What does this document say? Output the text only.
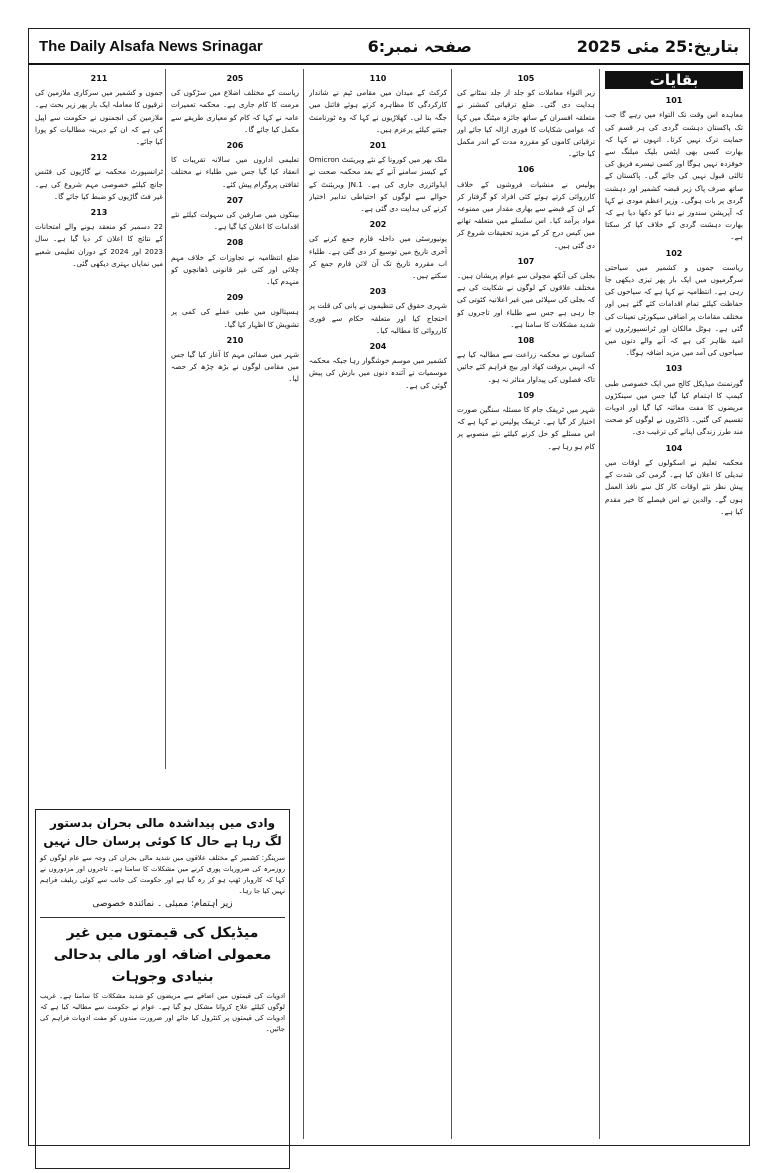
The Daily Alsafa News Srinagar	صفحہ نمبر:6	بتاریخ:25 مئی 2025
بقایات
101

معاہدہ اس وقت تک التواء میں رہے گا جب تک پاکستان دہشت گردی کی ہر قسم کی حمایت ترک نہیں کرتا۔ انہوں نے کہا کہ بھارت کسی بھی ایٹمی بلیک میلنگ سے خوفزدہ نہیں ہوگا اور کسی تیسرے فریق کی ثالثی قبول نہیں کی جائے گی۔ پاکستان کے ساتھ صرف پاک زیر قبضہ کشمیر اور دہشت گردی پر بات ہوگی۔ وزیر اعظم مودی نے کہا کہ آپریشن سندور نے دنیا کو دکھا دیا ہے کہ بھارت دہشت گردی کے خلاف کیا کر سکتا ہے۔

102

ریاست جموں و کشمیر میں سیاحتی سرگرمیوں میں ایک بار پھر تیزی دیکھی جا رہی ہے۔ انتظامیہ نے کہا ہے کہ سیاحوں کی حفاظت کیلئے تمام اقدامات کئے گئے ہیں اور مختلف مقامات پر اضافی سیکورٹی تعینات کی گئی ہے۔ ہوٹل مالکان اور ٹرانسپورٹروں نے امید ظاہر کی ہے کہ آنے والے دنوں میں سیاحوں کی آمد میں مزید اضافہ ہوگا۔

103

گورنمنٹ میڈیکل کالج میں ایک خصوصی طبی کیمپ کا اہتمام کیا گیا جس میں سینکڑوں مریضوں کا مفت معائنہ کیا گیا اور ادویات تقسیم کی گئیں۔ ڈاکٹروں نے لوگوں کو صحت مند طرز زندگی اپنانے کی ترغیب دی۔

104

محکمہ تعلیم نے اسکولوں کے اوقات میں تبدیلی کا اعلان کیا ہے۔ گرمی کی شدت کے پیش نظر نئے اوقات کار کل سے نافذ العمل ہوں گے۔ والدین نے اس فیصلے کا خیر مقدم کیا ہے۔

105

زیر التواء معاملات کو جلد از جلد نمٹانے کی ہدایت دی گئی۔ ضلع ترقیاتی کمشنر نے متعلقہ افسران کے ساتھ جائزہ میٹنگ میں کہا کہ عوامی شکایات کا فوری ازالہ کیا جائے اور ترقیاتی کاموں کو مقررہ مدت کے اندر مکمل کیا جائے۔

106

پولیس نے منشیات فروشوں کے خلاف کارروائی کرتے ہوئے کئی افراد کو گرفتار کر کے ان کے قبضے سے بھاری مقدار میں ممنوعہ مواد برآمد کیا۔ اس سلسلے میں متعلقہ تھانے میں کیس درج کر کے مزید تحقیقات شروع کر دی گئی ہیں۔

107

بجلی کی آنکھ مچولی سے عوام پریشان ہیں۔ مختلف علاقوں کے لوگوں نے شکایت کی ہے کہ بجلی کی سپلائی میں غیر اعلانیہ کٹوتی کی جا رہی ہے جس سے طلباء اور تاجروں کو شدید مشکلات کا سامنا ہے۔

108

کسانوں نے محکمہ زراعت سے مطالبہ کیا ہے کہ انہیں بروقت کھاد اور بیج فراہم کئے جائیں تاکہ فصلوں کی پیداوار متاثر نہ ہو۔

109

شہر میں ٹریفک جام کا مسئلہ سنگین صورت اختیار کر گیا ہے۔ ٹریفک پولیس نے کہا ہے کہ اس مسئلے کو حل کرنے کیلئے نئے منصوبے پر کام ہو رہا ہے۔

110

کرکٹ کے میدان میں مقامی ٹیم نے شاندار کارکردگی کا مظاہرہ کرتے ہوئے فائنل میں جگہ بنا لی۔ کھلاڑیوں نے کہا کہ وہ ٹورنامنٹ جیتنے کیلئے پرعزم ہیں۔

201

ملک بھر میں کورونا کے نئے ویریئنٹ Omicron کے کیسز سامنے آنے کے بعد محکمہ صحت نے ایڈوائزری جاری کی ہے۔ JN.1 ویریئنٹ کے حوالے سے لوگوں کو احتیاطی تدابیر اختیار کرنے کی ہدایت دی گئی ہے۔

202

یونیورسٹی میں داخلہ فارم جمع کرنے کی آخری تاریخ میں توسیع کر دی گئی ہے۔ طلباء اب مقررہ تاریخ تک آن لائن فارم جمع کر سکتے ہیں۔

203

شہری حقوق کی تنظیموں نے پانی کی قلت پر احتجاج کیا اور متعلقہ حکام سے فوری کارروائی کا مطالبہ کیا۔

204

کشمیر میں موسم خوشگوار رہا جبکہ محکمہ موسمیات نے آئندہ دنوں میں بارش کی پیش گوئی کی ہے۔

205

ریاست کے مختلف اضلاع میں سڑکوں کی مرمت کا کام جاری ہے۔ محکمہ تعمیرات عامہ نے کہا کہ کام کو معیاری طریقے سے مکمل کیا جائے گا۔

206

تعلیمی اداروں میں سالانہ تقریبات کا انعقاد کیا گیا جس میں طلباء نے مختلف ثقافتی پروگرام پیش کئے۔

207

بینکوں میں صارفین کی سہولت کیلئے نئے اقدامات کا اعلان کیا گیا ہے۔

208

ضلع انتظامیہ نے تجاوزات کے خلاف مہم چلائی اور کئی غیر قانونی ڈھانچوں کو منہدم کیا۔

209

ہسپتالوں میں طبی عملے کی کمی پر تشویش کا اظہار کیا گیا۔

210

شہر میں صفائی مہم کا آغاز کیا گیا جس میں مقامی لوگوں نے بڑھ چڑھ کر حصہ لیا۔

211

جموں و کشمیر میں سرکاری ملازمین کی ترقیوں کا معاملہ ایک بار پھر زیر بحث ہے۔ ملازمین کی انجمنوں نے حکومت سے اپیل کی ہے کہ ان کے دیرینہ مطالبات کو پورا کیا جائے۔

212

ٹرانسپورٹ محکمہ نے گاڑیوں کی فٹنس جانچ کیلئے خصوصی مہم شروع کی ہے۔ غیر فٹ گاڑیوں کو ضبط کیا جائے گا۔

213

22 دسمبر کو منعقد ہونے والے امتحانات کے نتائج کا اعلان کر دیا گیا ہے۔ سال 2023 اور 2024 کے دوران تعلیمی شعبے میں نمایاں بہتری دیکھی گئی۔

وادی میں پیداشدہ مالی بحران بدستور لگ رہا ہے حال کا کوئی پرسان حال نہیں
سرینگر: کشمیر کے مختلف علاقوں میں شدید مالی بحران کی وجہ سے عام لوگوں کو روزمرہ کی ضروریات پوری کرنے میں مشکلات کا سامنا ہے۔ تاجروں اور مزدوروں نے کہا کہ کاروبار ٹھپ ہو کر رہ گیا ہے اور حکومت کی جانب سے کوئی ریلیف فراہم نہیں کیا جا رہا۔
زیر اہتمام: ممبئی ۔ نمائندہ خصوصی
میڈیکل کی قیمتوں میں غیر معمولی اضافہ اور مالی بدحالی بنیادی وجوہات
ادویات کی قیمتوں میں اضافے سے مریضوں کو شدید مشکلات کا سامنا ہے۔ غریب لوگوں کیلئے علاج کروانا مشکل ہو گیا ہے۔ عوام نے حکومت سے مطالبہ کیا ہے کہ ادویات کی قیمتوں پر کنٹرول کیا جائے اور ضرورت مندوں کو مفت ادویات فراہم کی جائیں۔
